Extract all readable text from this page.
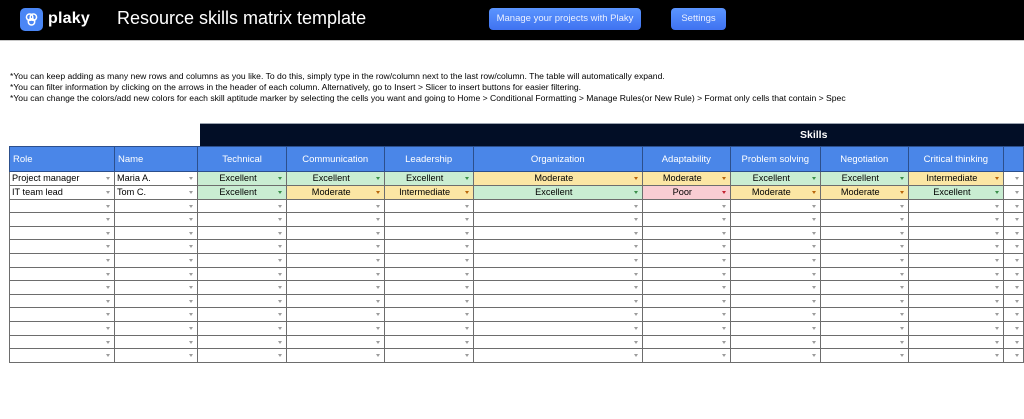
plaky Resource skills matrix template	Manage your projects with Plaky	Settings
*You can keep adding as many new rows and columns as you like. To do this, simply type in the row/column next to the last row/column. The table will automatically expand.
*You can filter information by clicking on the arrows in the header of each column. Alternatively, go to Insert > Slicer to insert buttons for easier filtering.
*You can change the colors/add new colors for each skill aptitude marker by selecting the cells you want and going to Home > Conditional Formatting > Manage Rules(or New Rule) > Format only cells that contain > Spec
Skills
Role	Name	Technical	Communication	Leadership	Organization	Adaptability	Problem solving	Negotiation	Critical thinking	
Project manager	Maria A.	Excellent	Excellent	Excellent	Moderate	Moderate	Excellent	Excellent	Intermediate

IT team lead	Tom C.	Excellent	Moderate	Intermediate	Excellent	Poor	Moderate	Moderate	Excellent
